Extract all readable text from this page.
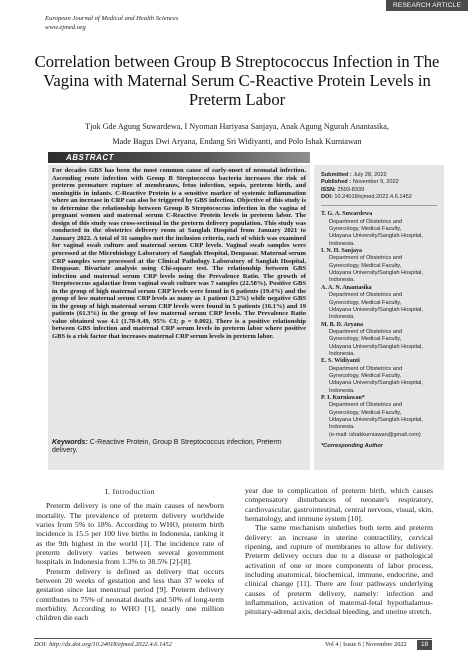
RESEARCH ARTICLE
European Journal of Medical and Health Sciences
www.ejmed.org
Correlation between Group B Streptococcus Infection in The Vagina with Maternal Serum C-Reactive Protein Levels in Preterm Labor
Tjok Gde Agung Suwardewa, I Nyoman Hariyasa Sanjaya, Anak Agung Ngurah Anantasika,
Made Bagus Dwi Aryana, Endang Sri Widiyanti, and Polo Ishak Kurniawan
ABSTRACT
For decades GBS has been the most common cause of early-onset of neonatal infection. Ascending route infection with Group B Streptococcus bacteria increases the risk of preterm premature rupture of membranes, fetus infection, sepsis, preterm birth, and meningitis in infants. C-Reactive Protein is a sensitive marker of systemic inflammation where an increase in CRP can also be triggered by GBS infection. Objective of this study is to determine the relationship between Group B Streptococcus infection in the vagina of pregnant women and maternal serum C-Reactive Protein levels in preterm labor. The design of this study was cross-sectional in the preterm delivery population. This study was conducted in the obstetrics delivery room at Sanglah Hospital from January 2021 to January 2022. A total of 31 samples met the inclusion criteria, each of which was examined for vaginal swab culture and maternal serum CRP levels. Vaginal swab samples were processed at the Microbiology Laboratory of Sanglah Hospital, Denpasar. Maternal serum CRP samples were processed at the Clinical Pathology Laboratory of Sanglah Hospital, Denpasar. Bivariate analysis using Chi-square test. The relationship between GBS infection and maternal serum CRP levels using the Prevalence Ratio. The growth of Streptococcus agalactiae from vaginal swab culture was 7 samples (22.58%). Positive GBS in the group of high maternal serum CRP levels were found in 6 patients (19.4%) and the group of low maternal serum CRP levels as many as 1 patient (3.2%) while negative GBS in the group of high maternal serum CRP levels were found in 5 patients (16.1%) and 19 patients (61.3%) in the group of low maternal serum CRP levels. The Prevalence Ratio value obtained was 4.1 (1.78-9.49, 95% CI; p = 0.002). There is a positive relationship between GBS infection and maternal CRP serum levels in preterm labor where positive GBS is a risk factor that increases maternal CRP serum levels in preterm labor.
Keywords: C-Reactive Protein, Group B Streptococcus infection, Preterm delivery.
Submitted : July 28, 2022
Published : November 9, 2022
ISSN: 2593-8339
DOI: 10.24018/ejmed.2022.4.6.1452
T. G. A. Suwardewa
Department of Obstetrics and
Gynecology, Medical Faculty,
Udayana University/Sanglah Hospital,
Indonesia.
I. N. H. Sanjaya
Department of Obstetrics and
Gynecology, Medical Faculty,
Udayana University/Sanglah Hospital,
Indonesia.
A. A. N. Anantasika
Department of Obstetrics and
Gynecology, Medical Faculty,
Udayana University/Sanglah Hospital,
Indonesia.
M. B. D. Aryana
Department of Obstetrics and
Gynecology, Medical Faculty,
Udayana University/Sanglah Hospital,
Indonesia.
E. S. Widiyanti
Department of Obstetrics and
Gynecology, Medical Faculty,
Udayana University/Sanglah Hospital,
Indonesia.
P. I. Kurniawan*
Department of Obstetrics and
Gynecology, Medical Faculty,
Udayana University/Sanglah Hospital,
Indonesia.
(e-mail: ishakkurniawan@gmail.com)
*Corresponding Author
I. Introduction

Preterm delivery is one of the main causes of newborn mortality. The prevalence of preterm delivery worldwide varies from 5% to 18%. According to WHO, preterm birth incidence is 15.5 per 100 live births in Indonesia, ranking it as the 9th highest in the world [1]. The incidence rate of preterm delivery varies between several government hospitals in Indonesia from 1.3% to 38.5% [2]-[8].

Preterm delivery is defined as delivery that occurs between 20 weeks of gestation and less than 37 weeks of gestation since last menstrual period [9]. Preterm delivery contributes to 75% of neonatal deaths and 50% of long-term morbidity. According to WHO [1], nearly one million children die each

year due to complication of preterm birth, which causes compensatory disturbances of neonate's respiratory, cardiovascular, gastrointestinal, central nervous, visual, skin, hematology, and immune system [10].

The same mechanism underlies both term and preterm delivery: an increase in uterine contractility, cervical ripening, and rupture of membranes to allow for delivery. Preterm delivery occurs due to a disease or pathological activation of one or more components of labor process, including anatomical, biochemical, immune, endocrine, and clinical change [11]. There are four pathways underlying causes of preterm delivery, namely: infection and inflammation, activation of maternal-fetal hypothalamus-pituitary-adrenal axis, decidual bleeding, and uterine stretch.

DOI: http://dx.doi.org/10.24018/ejmed.2022.4.6.1452	Vol 4 | Issue 6 | November 2022	18
